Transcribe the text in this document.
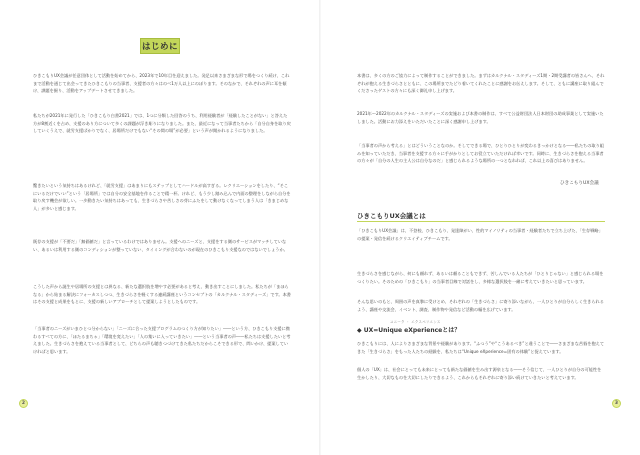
はじめに
ひきこもりUX会議が任意団体として活動を始めてから、2023年で10年目を迎えました。発足以来さまざまな形で場をつくり続け、これまで活動を通じて出会ってきたひきこもりの当事者、支援者の方々はのべ1万人以上にのぼります。そのなかで、それぞれの声に耳を傾け、課題を掘り、活動をアップデートさせてきました。
私たちが2021年に発行した「ひきこもり白書2021」では、1つに分類した回答のうち、利用経験者が「経験したことがない」と答えた方が8割近くを占め、支援のあり方について多くの課題が浮き彫りになりました。また、最近になって当事者たちから「自分自身を取り戻していくうえで、就労支援ばかりでなく、居場所だけでもない“その間の場”が必要」という声が聞かれるようになりました。
驚きたいという気持ちはあるけれど、「就労支援」はあまりにもステップとしてハードルが高すぎる。レクリエーションをしたり、“そこにいるだけでいい”という「居場所」では自分の安全基地を作ることで精一杯。けれど、もう少し踏み込んで内面の整理をしながら自分を取り戻す機会が欲しい。一歩動きたい気持ちはあっても、生きづらさや苦しさの芽にふたをして動けなくなってしまう人は「きまじめな人」が多いと感じます。
既存の支援が「不要だ」「無価値だ」と言っているわけではありません。支援へのニーズと、支援をする側のサービスがマッチしていない、あるいは利用する側のコンディションが整っていない、タイミングが合わないのが現在のひきこもり支援なのではないでしょうか。
こうした声から誕生や居場所の支援とは異なる、新たな選択肢を増やす必要があると考え、動き出すことにしました。私たちが「まほらなる」から始まる解決にフォーカスしつつ、生きづらさを軽くする連続講座というコンセプトの「カルクナル・スタディーズ」です。本書はその支援と成果をもとに、支援の新しいアプローチとして提案しようとしたものです。
「当事者のニーズがいまひとつ分からない」「ニーズに合った支援プログラムのつくり方が知りたい」――という方、ひきこもり支援に携わるすべての方に、「ほたるまちゃ」「環境を変えたい」「人の集いに入っていきたい」――という当事者の声――私たちは支援したいと考えました。生きづらさを抱えている当事者として、どちらの声も聴きつづけてきた私たちだからこそできる形で、問いかけ、提案していければと思います。
2
本書は、多くの方のご協力によって制作することができました。まずはカルクナル・スタディーズ1期・2期受講者の皆さんへ、それぞれが抱える生きづらさとともに、この場所までたどり着いてくれたことに感謝をお伝えします。そして、ともに講座に取り組んでくださったゲストの方々にも深く御礼申し上げます。
2021年〜2022年のカルクナル・スタディーズの実施および本書の制作は、すべて公益財団法人日本財団の助成事業として実施いたしました。活動にお力添えをいただいたことに深く感謝申し上げます。
「当事者の声から考える」とはどういうことなのか。そしてできる場で、ひとりひとりが変わるきっかけとなる――私たちの取り組みを知っていただき、当事者を支援する方々に手がかりとしてお役立ていただければ幸いです。同時に、生きづらさを抱える当事者の方々が「自分の人生の主人公は自分なのだ」と感じられるような場所の一つとなれれば、これ以上の喜びはありません。
ひきこもりUX会議
ひきこもりUX会議とは
「ひきこもりUX会議」は、不登校、ひきこもり、発達障がい、性的マイノリティの当事者・経験者たちで立ち上げた、「生存戦略」の提案・発信を続けるクリエイティブチームです。
生きづらさを感じながら、何にも頼れず、あるいは頼ることもできず、苦しんでいる人たちが「ひとりじゃない」と感じられる場をつくりたい。そのための「ひきこもり」の当事者目線で対話をし、多様な選択肢を一緒に考えていきたいと思っています。
そんな思いのもと、周囲の声を真摯に受けとめ、それぞれの「生きづらさ」に寄り添いながら、一人ひとりが自分らしく生きられるよう、講座や交流会、イベント、調査、制作物や発信など活動の幅を広げています。
ユニーク ・ エクスペリエンス
◆ UX=Unique eXperienceとは？
ひきこもりには、人によりさまざまな背景や経験があります。“ふつう”や“こうあるべき”と違うことで――さまざまな苦悩を抱えてきた「生きづらさ」をもった人たちの経験を、私たちは“Unique eXperience=固有の体験”と捉えています。
個人の「UX」は、社会にとっても未来にとっても新たな価値を生み出す源泉となる――そう信じて、一人ひとりが自分の可能性を生かしたり、大切なものを大切にしたりできるよう、これからもそれぞれに寄り添い続けていきたいと考えています。
3
